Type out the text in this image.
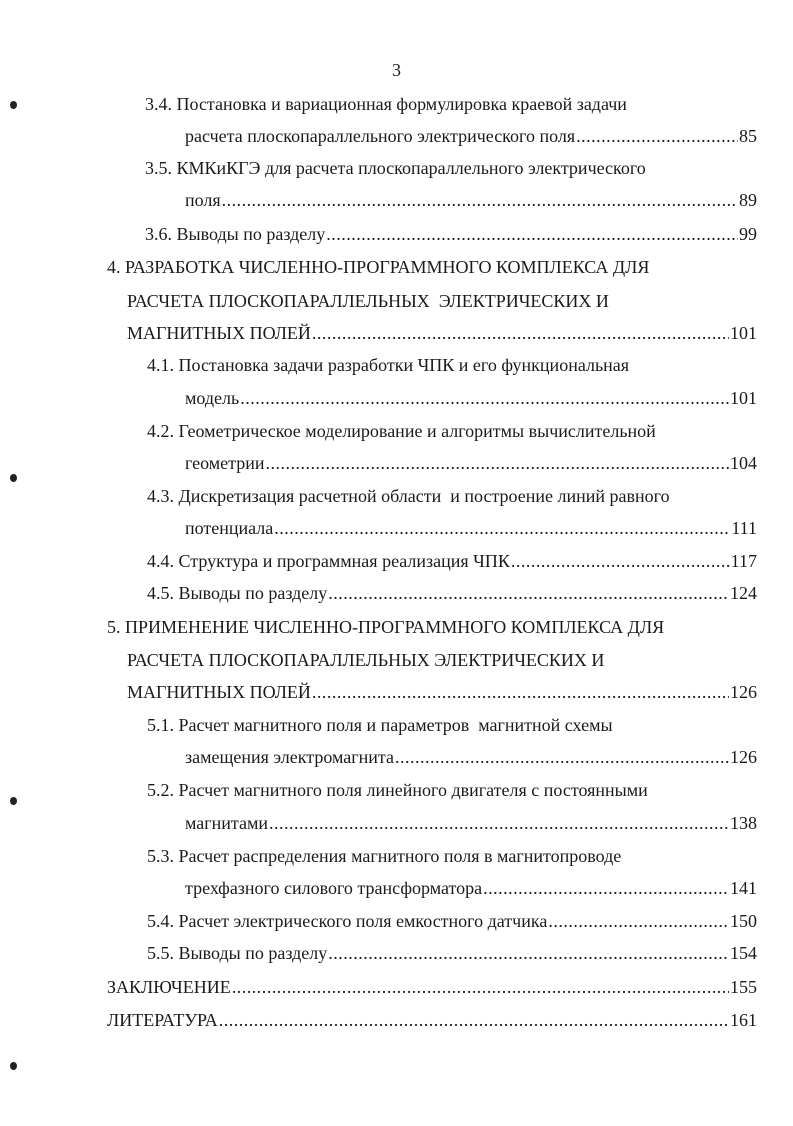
3
3.4. Постановка и вариационная формулировка краевой задачи
расчета плоскопараллельного электрического поля .....	85
3.5. КМКиКГЭ для расчета плоскопараллельного электрического
поля .....	89
3.6. Выводы по разделу .....	99
4. РАЗРАБОТКА ЧИСЛЕННО-ПРОГРАММНОГО КОМПЛЕКСА ДЛЯ
РАСЧЕТА ПЛОСКОПАРАЛЛЕЛЬНЫХ  ЭЛЕКТРИЧЕСКИХ И
МАГНИТНЫХ ПОЛЕЙ .....	101
4.1. Постановка задачи разработки ЧПК и его функциональная
модель .....	101
4.2. Геометрическое моделирование и алгоритмы вычислительной
геометрии .....	104
4.3. Дискретизация расчетной области  и построение линий равного
потенциала .....	111
4.4. Структура и программная реализация ЧПК .....	117
4.5. Выводы по разделу .....	124
5. ПРИМЕНЕНИЕ ЧИСЛЕННО-ПРОГРАММНОГО КОМПЛЕКСА ДЛЯ
РАСЧЕТА ПЛОСКОПАРАЛЛЕЛЬНЫХ ЭЛЕКТРИЧЕСКИХ И
МАГНИТНЫХ ПОЛЕЙ .....	126
5.1. Расчет магнитного поля и параметров  магнитной схемы
замещения электромагнита .....	126
5.2. Расчет магнитного поля линейного двигателя с постоянными
магнитами .....	138
5.3. Расчет распределения магнитного поля в магнитопроводе
трехфазного силового трансформатора .....	141
5.4. Расчет электрического поля емкостного датчика .....	150
5.5. Выводы по разделу .....	154
ЗАКЛЮЧЕНИЕ .....	155
ЛИТЕРАТУРА .....	161
